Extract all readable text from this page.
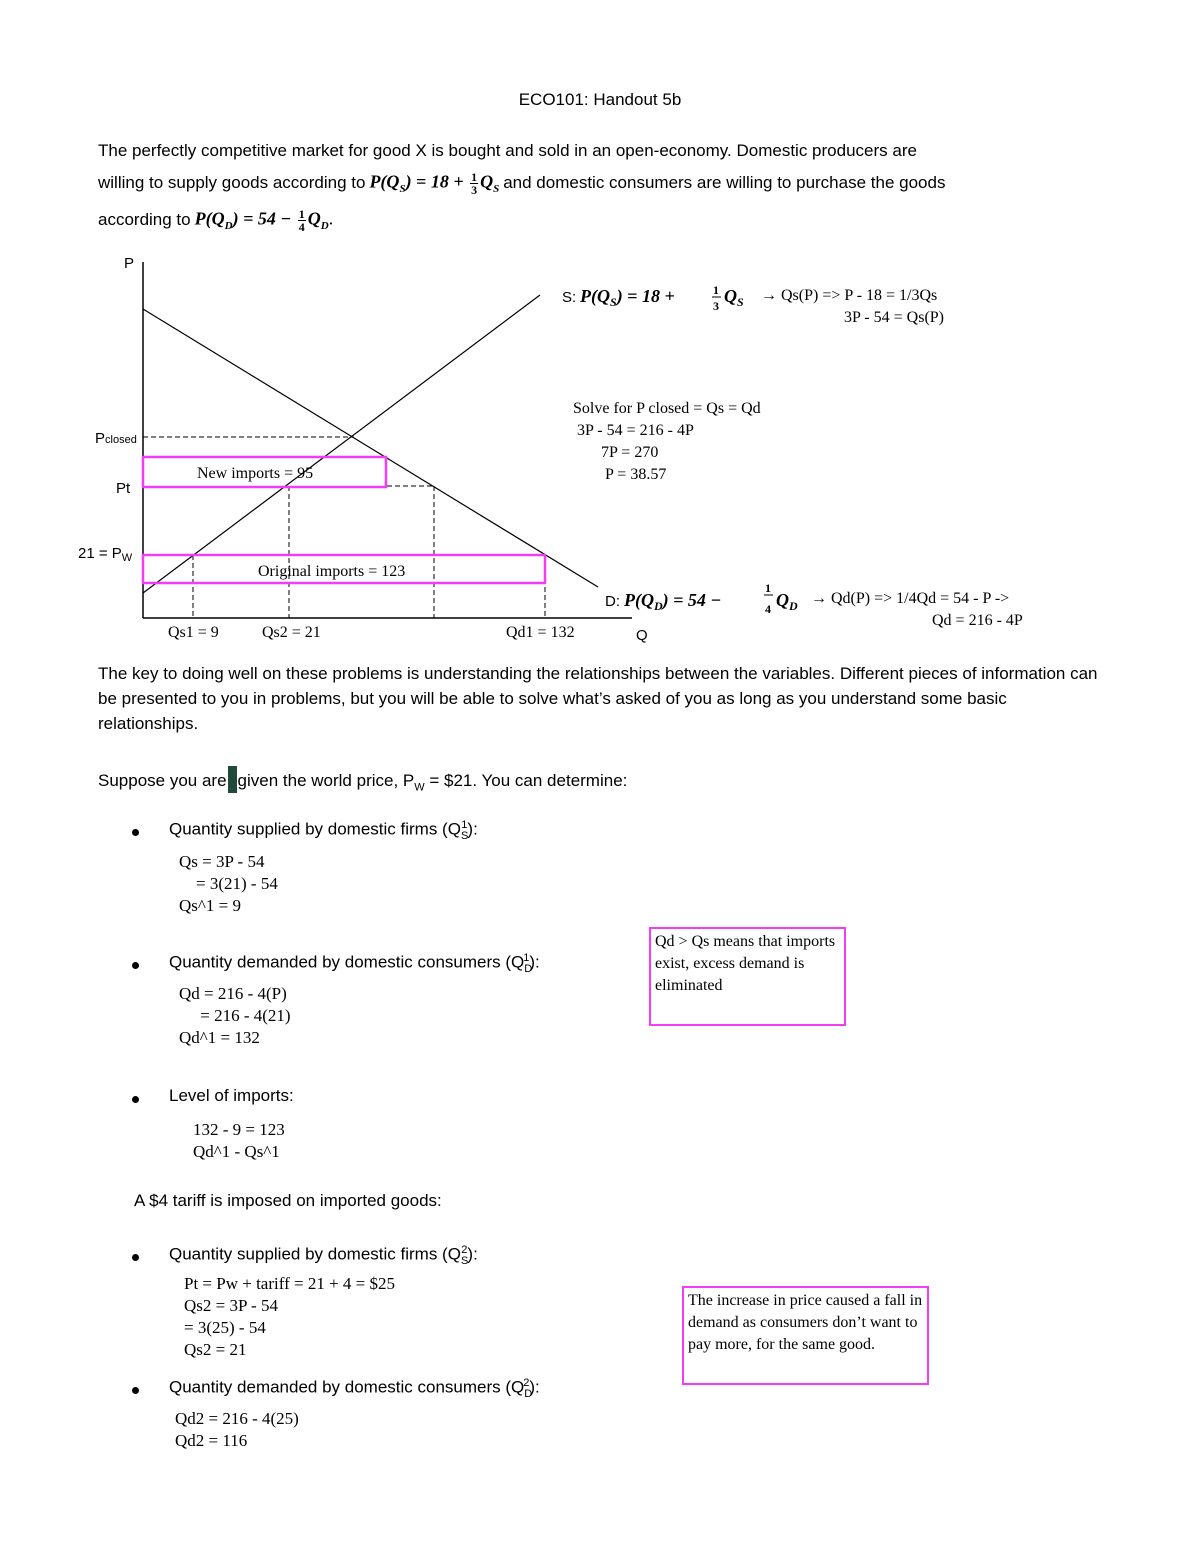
ECO101: Handout 5b
The perfectly competitive market for good X is bought and sold in an open-economy. Domestic producers are
willing to supply goods according to $P(Q_S) = 18 + \frac{1}{3} Q_S$ and domestic consumers are willing to purchase the goods
according to $P(Q_D) = 54 - \frac{1}{4} Q_D$.
P
Q
New imports = 95
Original imports = 123
Pclosed
Pt
$21 = P_W$
Qs1 = 9	Qs2 = 21	Qd1 = 132
S: $P(Q_S) = 18$ +	1
3 $Q_S \to Qs(P) => P - 18 = 1/3Qs$
3P - 54 = Qs(P)
Solve for P closed = Qs = Qd
3P - 54 = 216 - 4P
7P = 270
P = 38.57
D: $P(Q_D) = 54$ −
1
4 $Q_D \to Qd(P) => 1/4Qd = 54 - P$ ->
Qd = 216 - 4P
The key to doing well on these problems is understanding the relationships between the variables. Different pieces of information can be presented to you in problems, but you will be able to solve what’s asked of you as long as you understand some basic relationships.
Suppose you are given the world price, $P_W$ = $21. You can determine:
Quantity supplied by domestic firms $(Q_S^1)$:
Qs = 3P - 54
= 3(21) - 54
Qs^1 = 9
Quantity demanded by domestic consumers $(Q_D^1)$:
Qd = 216 - 4(P)
= 216 - 4(21)
Qd^1 = 132
Qd > Qs means that imports exist, excess demand is eliminated
Level of imports:
132 - 9 = 123
Qd^1 - Qs^1
A $4 tariff is imposed on imported goods:
Quantity supplied by domestic firms $(Q_S^2)$:
Pt = Pw + tariff = 21 + 4 = $25
Qs2 = 3P - 54
= 3(25) - 54
Qs2 = 21
The increase in price caused a fall in demand as consumers don’t want to pay more, for the same good.
Quantity demanded by domestic consumers $(Q_D^2)$:
Qd2 = 216 - 4(25)
Qd2 = 116
